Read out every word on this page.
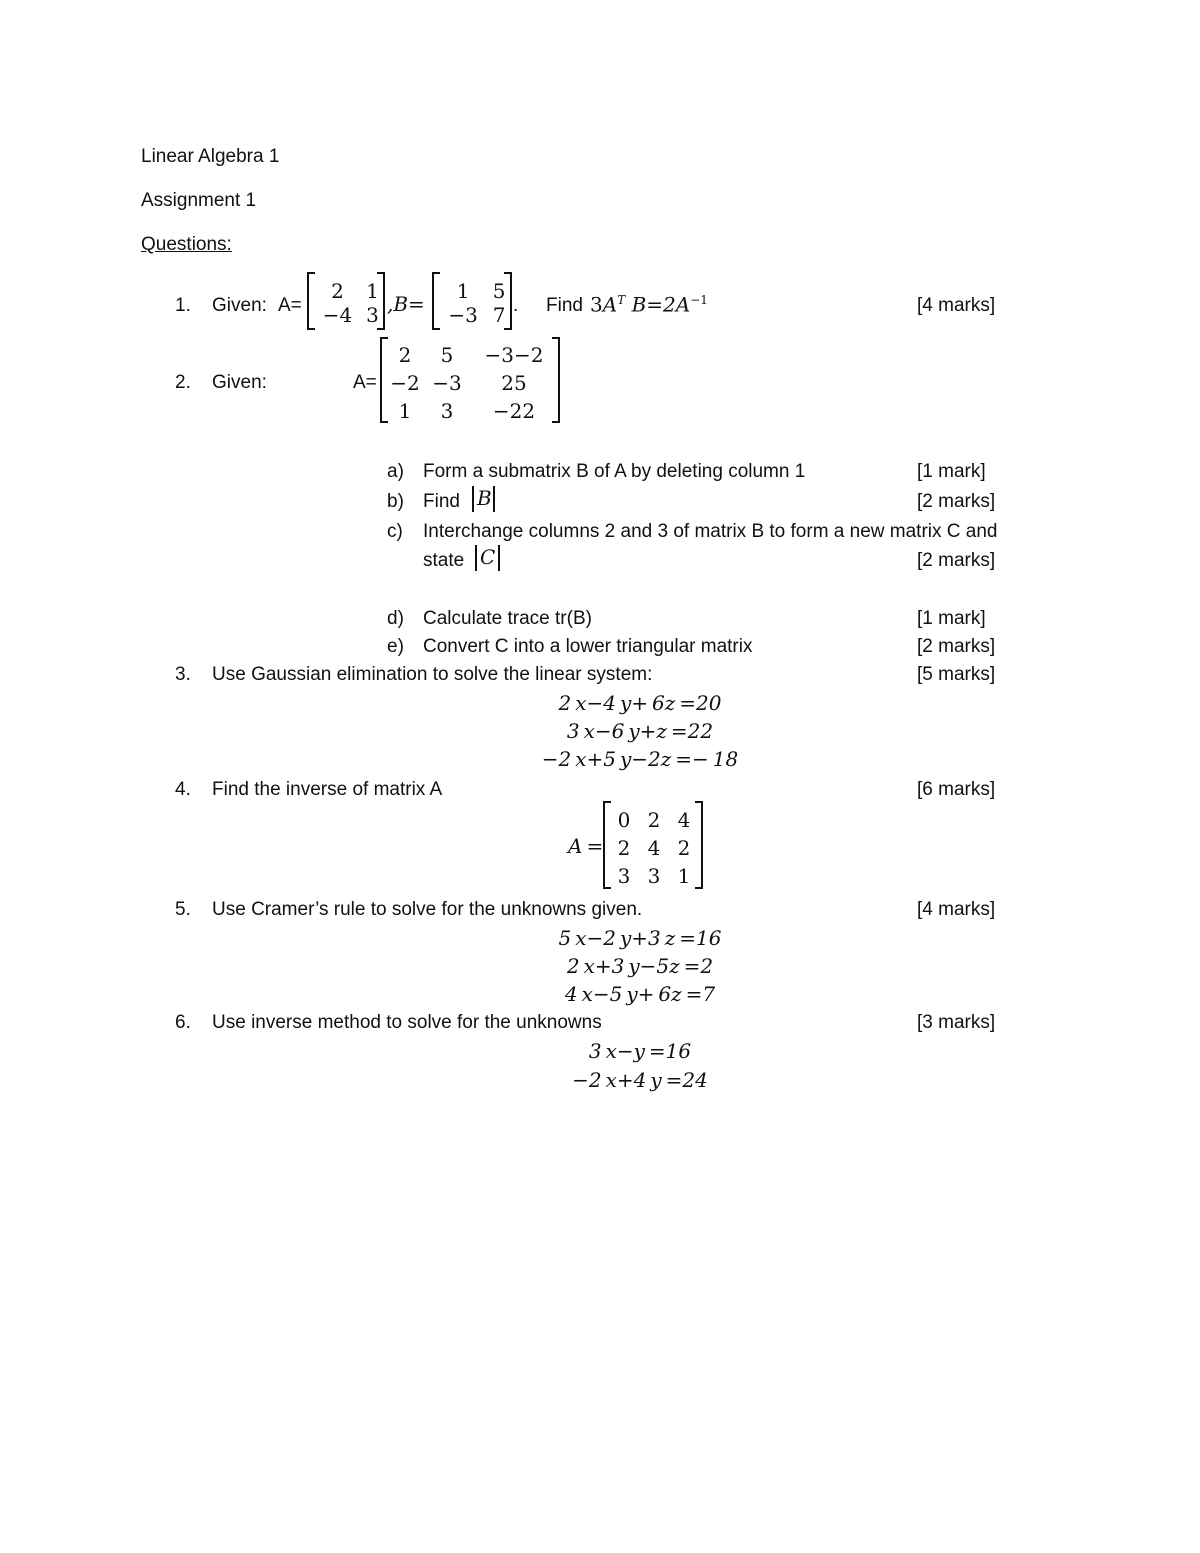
Linear Algebra 1
Assignment 1
Questions:
1. Given: A=
2	1
−4	3 ,B=
1	5
−3	7 . Find $3A^T$ $B=2A^{-1}$	[4 marks]
2. Given:	A=
2	5	−3−2
−2	−3	25
1	3	−22
a) Form a submatrix B of A by deleting column 1	[1 mark]
b) Find B	[2 marks]
c) Interchange columns 2 and 3 of matrix B to form a new matrix C and
state C	[2 marks]
d) Calculate trace tr(B)	[1 mark]
e) Convert C into a lower triangular matrix	[2 marks]
3. Use Gaussian elimination to solve the linear system:	[5 marks]
2 x−4 y+ 6z =20
3 x−6 y+z =22
−2 x+5 y−2z =− 18
4. Find the inverse of matrix A	[6 marks]
A =
0	2	4
2	4	2
3	3	1
5. Use Cramer’s rule to solve for the unknowns given.	[4 marks]
5 x−2 y+3 z =16
2 x+3 y−5z =2
4 x−5 y+ 6z =7
6. Use inverse method to solve for the unknowns	[3 marks]
3 x−y =16
−2 x+4 y =24
